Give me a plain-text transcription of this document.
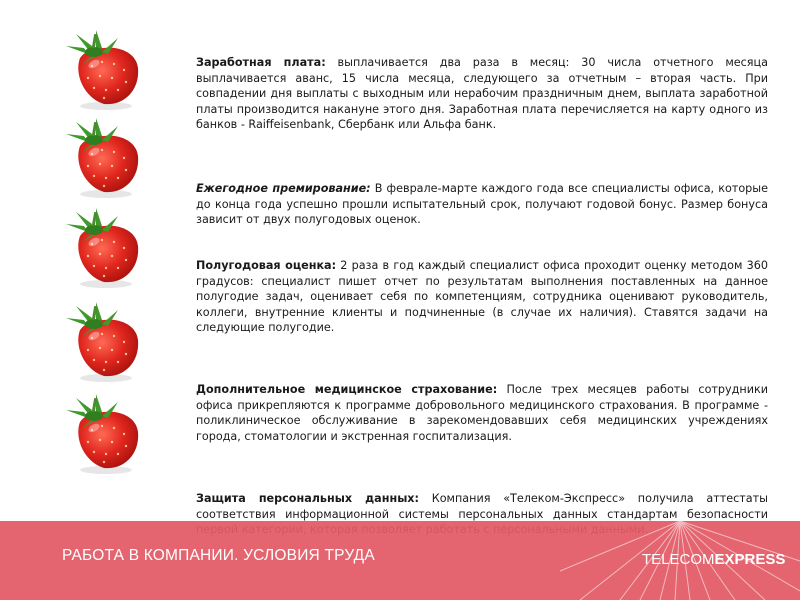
Заработная плата: выплачивается два раза в месяц: 30 числа отчетного месяца выплачивается аванс, 15 числа месяца, следующего за отчетным – вторая часть. При совпадении дня выплаты с выходным или нерабочим праздничным днем, выплата заработной платы производится накануне этого дня. Заработная плата перечисляется на карту одного из банков - Raiffeisenbank, Сбербанк или Альфа банк.

Ежегодное премирование: В феврале-марте каждого года все специалисты офиса, которые до конца года успешно прошли испытательный срок, получают годовой бонус. Размер бонуса зависит от двух полугодовых оценок.

Полугодовая оценка: 2 раза в год каждый специалист офиса проходит оценку методом 360 градусов: специалист пишет отчет по результатам выполнения поставленных на данное полугодие задач, оценивает себя по компетенциям, сотрудника оценивают руководитель, коллеги, внутренние клиенты и подчиненные (в случае их наличия). Ставятся задачи на следующие полугодие.

Дополнительное медицинское страхование: После трех месяцев работы сотрудники офиса прикрепляются к программе добровольного медицинского страхования. В программе - поликлиническое обслуживание в зарекомендовавших себя медицинских учреждениях города, стоматологии и экстренная госпитализация.

Защита персональных данных: Компания «Телеком-Экспресс» получила аттестаты соответствия информационной системы персональных данных стандартам безопасности

РАБОТА В КОМПАНИИ. УСЛОВИЯ ТРУДА	TELECOMEXPRESS
